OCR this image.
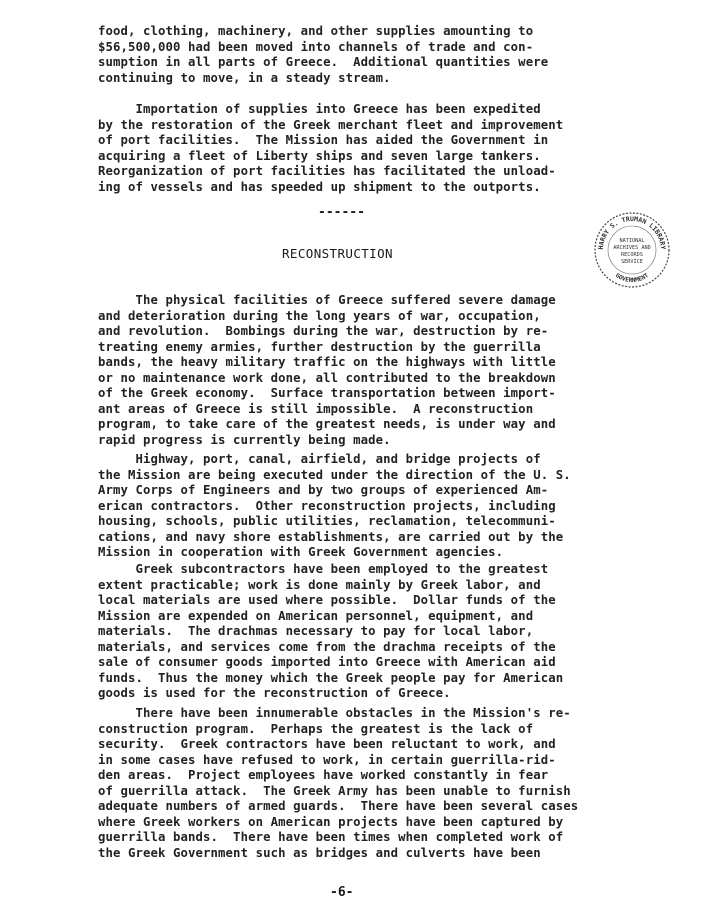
food, clothing, machinery, and other supplies amounting to
$56,500,000 had been moved into channels of trade and con-
sumption in all parts of Greece.  Additional quantities were
continuing to move, in a steady stream.

Importation of supplies into Greece has been expedited
by the restoration of the Greek merchant fleet and improvement
of port facilities.  The Mission has aided the Government in
acquiring a fleet of Liberty ships and seven large tankers.
Reorganization of port facilities has facilitated the unload-
ing of vessels and has speeded up shipment to the outports.

------
RECONSTRUCTION	HARRY S. TRUMAN LIBRARY
GOVERNMENT
NATIONAL
ARCHIVES AND
RECORDS
SERVICE

The physical facilities of Greece suffered severe damage
and deterioration during the long years of war, occupation,
and revolution.  Bombings during the war, destruction by re-
treating enemy armies, further destruction by the guerrilla
bands, the heavy military traffic on the highways with little
or no maintenance work done, all contributed to the breakdown
of the Greek economy.  Surface transportation between import-
ant areas of Greece is still impossible.  A reconstruction
program, to take care of the greatest needs, is under way and
rapid progress is currently being made.

Highway, port, canal, airfield, and bridge projects of
the Mission are being executed under the direction of the U. S.
Army Corps of Engineers and by two groups of experienced Am-
erican contractors.  Other reconstruction projects, including
housing, schools, public utilities, reclamation, telecommuni-
cations, and navy shore establishments, are carried out by the
Mission in cooperation with Greek Government agencies.

Greek subcontractors have been employed to the greatest
extent practicable; work is done mainly by Greek labor, and
local materials are used where possible.  Dollar funds of the
Mission are expended on American personnel, equipment, and
materials.  The drachmas necessary to pay for local labor,
materials, and services come from the drachma receipts of the
sale of consumer goods imported into Greece with American aid
funds.  Thus the money which the Greek people pay for American
goods is used for the reconstruction of Greece.

There have been innumerable obstacles in the Mission's re-
construction program.  Perhaps the greatest is the lack of
security.  Greek contractors have been reluctant to work, and
in some cases have refused to work, in certain guerrilla-rid-
den areas.  Project employees have worked constantly in fear
of guerrilla attack.  The Greek Army has been unable to furnish
adequate numbers of armed guards.  There have been several cases
where Greek workers on American projects have been captured by
guerrilla bands.  There have been times when completed work of
the Greek Government such as bridges and culverts have been

-6-
